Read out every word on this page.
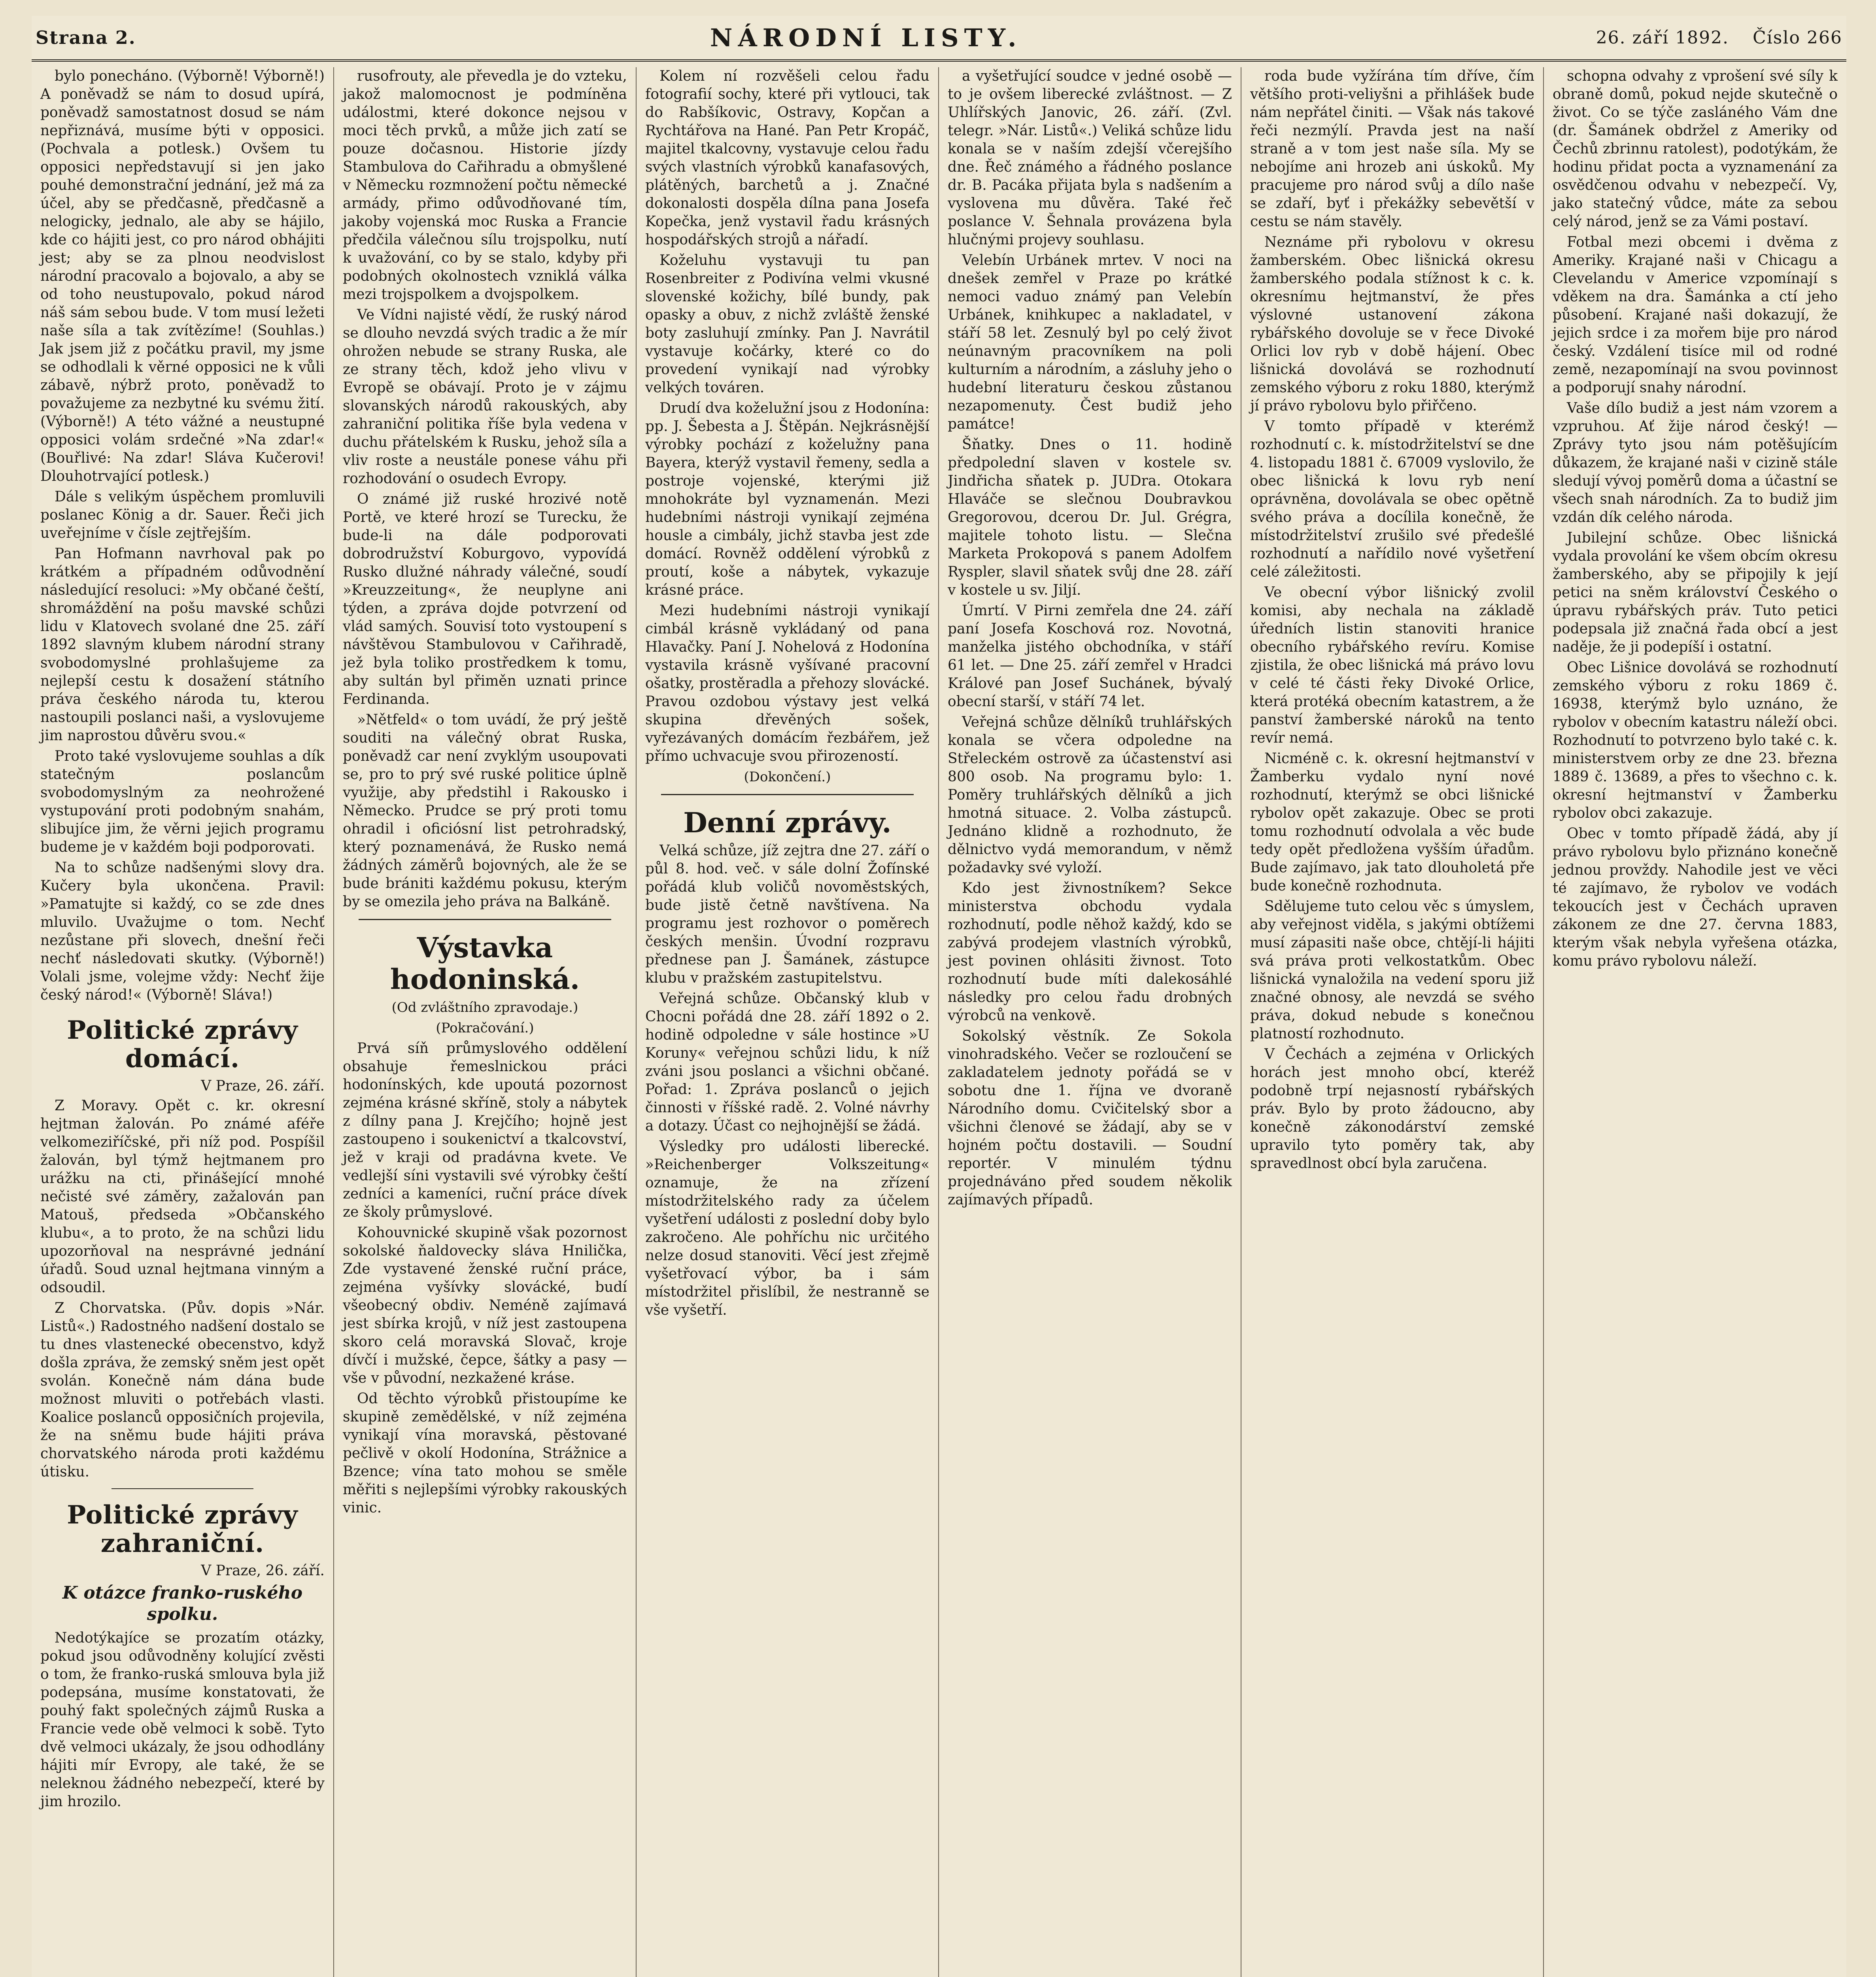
Strana 2.	NÁRODNÍ LISTY.	26. září 1892. Číslo 266

bylo ponecháno. (Výborně! Výborně!) A poněvadž se nám to dosud upírá, poněvadž samostatnost dosud se nám nepřiznává, musíme býti v opposici. (Pochvala a potlesk.) Ovšem tu opposici nepředstavují si jen jako pouhé demonstrační jednání, jež má za účel, aby se předčasně, předčasně a nelogicky, jednalo, ale aby se hájilo, kde co hájiti jest, co pro národ obhájiti jest; aby se za plnou neodvislost národní pracovalo a bojovalo, a aby se od toho neustupovalo, pokud národ náš sám sebou bude. V tom musí ležeti naše síla a tak zvítězíme! (Souhlas.) Jak jsem již z počátku pravil, my jsme se odhodlali k věrné opposici ne k vůli zábavě, nýbrž proto, poněvadž to považujeme za nezbytné ku svému žití. (Výborně!) A této vážné a neustupné opposici volám srdečné »Na zdar!« (Bouřlivé: Na zdar! Sláva Kučerovi! Dlouhotrvající potlesk.)

Dále s velikým úspěchem promluvili poslanec König a dr. Sauer. Řeči jich uveřejníme v čísle zejtřejším.

Pan Hofmann navrhoval pak po krátkém a případném odůvodnění následující resoluci: »My občané čeští, shromáždění na pošu mavské schůzi lidu v Klatovech svolané dne 25. září 1892 slavným klubem národní strany svobodomyslné prohlašujeme za nejlepší cestu k dosažení státního práva českého národa tu, kterou nastoupili poslanci naši, a vyslovujeme jim naprostou důvěru svou.«

Proto také vyslovujeme souhlas a dík statečným poslancům svobodomyslným za neohrožené vystupování proti podobným snahám, slibujíce jim, že věrni jejich programu budeme je v každém boji podporovati.

Na to schůze nadšenými slovy dra. Kučery byla ukončena. Pravil: »Pamatujte si každý, co se zde dnes mluvilo. Uvažujme o tom. Nechť nezůstane při slovech, dnešní řeči nechť následovati skutky. (Výborně!) Volali jsme, volejme vždy: Nechť žije český národ!« (Výborně! Sláva!)

Politické zprávy domácí.
V Praze, 26. září.

Z Moravy. Opět c. kr. okresní hejtman žalován. Po známé aféře velkomeziříčské, při níž pod. Pospíšil žalován, byl týmž hejtmanem pro urážku na cti, přinášející mnohé nečisté své záměry, zažalován pan Matouš, předseda »Občanského klubu«, a to proto, že na schůzi lidu upozorňoval na nesprávné jednání úřadů. Soud uznal hejtmana vinným a odsoudil.

Z Chorvatska. (Pův. dopis »Nár. Listů«.) Radostného nadšení dostalo se tu dnes vlastenecké obecenstvo, když došla zpráva, že zemský sněm jest opět svolán. Konečně nám dána bude možnost mluviti o potřebách vlasti. Koalice poslanců opposičních projevila, že na sněmu bude hájiti práva chorvatského národa proti každému útisku.

Politické zprávy zahraniční.
V Praze, 26. září.
K otázce franko-ruského spolku.

Nedotýkajíce se prozatím otázky, pokud jsou odůvodněny kolující zvěsti o tom, že franko-ruská smlouva byla již podepsána, musíme konstatovati, že pouhý fakt společných zájmů Ruska a Francie vede obě velmoci k sobě. Tyto dvě velmoci ukázaly, že jsou odhodlány hájiti mír Evropy, ale také, že se neleknou žádného nebezpečí, které by jim hrozilo.

rusofrouty, ale převedla je do vzteku, jakož malomocnost je podmíněna událostmi, které dokonce nejsou v moci těch prvků, a může jich zatí se pouze dočasnou. Historie jízdy Stambulova do Cařihradu a obmyšlené v Německu rozmnožení počtu německé armády, přimo odůvodňované tím, jakoby vojenská moc Ruska a Francie předčila válečnou sílu trojspolku, nutí k uvažování, co by se stalo, kdyby při podobných okolnostech vzniklá válka mezi trojspolkem a dvojspolkem.

Ve Vídni najisté vědí, že ruský národ se dlouho nevzdá svých tradic a že mír ohrožen nebude se strany Ruska, ale ze strany těch, kdož jeho vlivu v Evropě se obávají. Proto je v zájmu slovanských národů rakouských, aby zahraniční politika říše byla vedena v duchu přátelském k Rusku, jehož síla a vliv roste a neustále ponese váhu při rozhodování o osudech Evropy.

O známé již ruské hrozivé notě Portě, ve které hrozí se Turecku, že bude-li na dále podporovati dobrodružství Koburgovo, vypovídá Rusko dlužné náhrady válečné, soudí »Kreuzzeitung«, že neuplyne ani týden, a zpráva dojde potvrzení od vlád samých. Souvisí toto vystoupení s návštěvou Stambulovou v Cařihradě, jež byla toliko prostředkem k tomu, aby sultán byl přiměn uznati prince Ferdinanda.

»Nětfeld« o tom uvádí, že prý ještě souditi na válečný obrat Ruska, poněvadž car není zvyklým usoupovati se, pro to prý své ruské politice úplně využije, aby předstihl i Rakousko i Německo. Prudce se prý proti tomu ohradil i oficiósní list petrohradský, který poznamenává, že Rusko nemá žádných záměrů bojovných, ale že se bude brániti každému pokusu, kterým by se omezila jeho práva na Balkáně.

Výstavka hodoninská.
(Od zvláštního zpravodaje.)
(Pokračování.)

Prvá síň průmyslového oddělení obsahuje řemeslnickou práci hodonínských, kde upoutá pozornost zejména krásné skříně, stoly a nábytek z dílny pana J. Krejčího; hojně jest zastoupeno i soukenictví a tkalcovství, jež v kraji od pradávna kvete. Ve vedlejší síni vystavili své výrobky čeští zedníci a kameníci, ruční práce dívek ze školy průmyslové.

Kohouvnické skupině však pozornost sokolské ňaldovecky sláva Hnilička, Zde vystavené ženské ruční práce, zejména vyšívky slovácké, budí všeobecný obdiv. Neméně zajímavá jest sbírka krojů, v níž jest zastoupena skoro celá moravská Slovač, kroje dívčí i mužské, čepce, šátky a pasy — vše v původní, nezkažené kráse.

Od těchto výrobků přistoupíme ke skupině zemědělské, v níž zejména vynikají vína moravská, pěstované pečlivě v okolí Hodonína, Strážnice a Bzence; vína tato mohou se směle měřiti s nejlepšími výrobky rakouských vinic.

Kolem ní rozvěšeli celou řadu fotografií sochy, které při vytlouci, tak do Rabšíkovic, Ostravy, Kopčan a Rychtářova na Hané. Pan Petr Kropáč, majitel tkalcovny, vystavuje celou řadu svých vlastních výrobků kanafasových, plátěných, barchetů a j. Značné dokonalosti dospěla dílna pana Josefa Kopečka, jenž vystavil řadu krásných hospodářských strojů a nářadí.

Koželuhu vystavuji tu pan Rosenbreiter z Podivína velmi vkusné slovenské kožichy, bílé bundy, pak opasky a obuv, z nichž zvláště ženské boty zasluhují zmínky. Pan J. Navrátil vystavuje kočárky, které co do provedení vynikají nad výrobky velkých továren.

Drudí dva koželužní jsou z Hodonína: pp. J. Šebesta a J. Štěpán. Nejkrásnější výrobky pochází z koželužny pana Bayera, kterýž vystavil řemeny, sedla a postroje vojenské, kterými již mnohokráte byl vyznamenán. Mezi hudebními nástroji vynikají zejména housle a cimbály, jichž stavba jest zde domácí. Rovněž oddělení výrobků z proutí, koše a nábytek, vykazuje krásné práce.

Mezi hudebními nástroji vynikají cimbál krásně vykládaný od pana Hlavačky. Paní J. Nohelová z Hodonína vystavila krásně vyšívané pracovní ošatky, prostěradla a přehozy slovácké. Pravou ozdobou výstavy jest velká skupina dřevěných sošek, vyřezávaných domácím řezbářem, jež přímo uchvacuje svou přirozeností.

(Dokončení.)
Denní zprávy.

Velká schůze, jíž zejtra dne 27. září o půl 8. hod. več. v sále dolní Žofínské pořádá klub voličů novoměstských, bude jistě četně navštívena. Na programu jest rozhovor o poměrech českých menšin. Úvodní rozpravu přednese pan J. Šamánek, zástupce klubu v pražském zastupitelstvu.

Veřejná schůze. Občanský klub v Chocni pořádá dne 28. září 1892 o 2. hodině odpoledne v sále hostince »U Koruny« veřejnou schůzi lidu, k níž zváni jsou poslanci a všichni občané. Pořad: 1. Zpráva poslanců o jejich činnosti v říšské radě. 2. Volné návrhy a dotazy. Účast co nejhojnější se žádá.

Výsledky pro události liberecké. »Reichenberger Volkszeitung« oznamuje, že na zřízení místodržitelského rady za účelem vyšetření události z poslední doby bylo zakročeno. Ale pohříchu nic určitého nelze dosud stanoviti. Věcí jest zřejmě vyšetřovací výbor, ba i sám místodržitel přislíbil, že nestranně se vše vyšetří.

a vyšetřující soudce v jedné osobě — to je ovšem liberecké zvláštnost. — Z Uhlířských Janovic, 26. září. (Zvl. telegr. »Nár. Listů«.) Veliká schůze lidu konala se v naším zdejší včerejšího dne. Řeč známého a řádného poslance dr. B. Pacáka přijata byla s nadšením a vyslovena mu důvěra. Také řeč poslance V. Šehnala provázena byla hlučnými projevy souhlasu.

Velebín Urbánek mrtev. V noci na dnešek zemřel v Praze po krátké nemoci vaduo známý pan Velebín Urbánek, knihkupec a nakladatel, v stáří 58 let. Zesnulý byl po celý život neúnavným pracovníkem na poli kulturním a národním, a zásluhy jeho o hudební literaturu českou zůstanou nezapomenuty. Čest budiž jeho památce!

Šňatky. Dnes o 11. hodině předpolední slaven v kostele sv. Jindřicha sňatek p. JUDra. Otokara Hlaváče se slečnou Doubravkou Gregorovou, dcerou Dr. Jul. Grégra, majitele tohoto listu. — Slečna Marketa Prokopová s panem Adolfem Ryspler, slavil sňatek svůj dne 28. září v kostele u sv. Jiljí.

Úmrtí. V Pirni zemřela dne 24. září paní Josefa Koschová roz. Novotná, manželka jistého obchodníka, v stáří 61 let. — Dne 25. září zemřel v Hradci Králové pan Josef Suchánek, bývalý obecní starší, v stáří 74 let.

Veřejná schůze dělníků truhlářských konala se včera odpoledne na Střeleckém ostrově za účastenství asi 800 osob. Na programu bylo: 1. Poměry truhlářských dělníků a jich hmotná situace. 2. Volba zástupců. Jednáno klidně a rozhodnuto, že dělnictvo vydá memorandum, v němž požadavky své vyloží.

Kdo jest živnostníkem? Sekce ministerstva obchodu vydala rozhodnutí, podle něhož každý, kdo se zabývá prodejem vlastních výrobků, jest povinen ohlásiti živnost. Toto rozhodnutí bude míti dalekosáhlé následky pro celou řadu drobných výrobců na venkově.

Sokolský věstník. Ze Sokola vinohradského. Večer se rozloučení se zakladatelem jednoty pořádá se v sobotu dne 1. října ve dvoraně Národního domu. Cvičitelský sbor a všichni členové se žádají, aby se v hojném počtu dostavili. — Soudní reportér. V minulém týdnu projednáváno před soudem několik zajímavých případů.

roda bude vyžírána tím dříve, čím většího proti-veliyšni a přihlášek bude nám nepřátel činiti. — Však nás takové řeči nezmýlí. Pravda jest na naší straně a v tom jest naše síla. My se nebojíme ani hrozeb ani úskoků. My pracujeme pro národ svůj a dílo naše se zdaří, byť i překážky sebevětší v cestu se nám stavěly.

Neznáme při rybolovu v okresu žamberském. Obec lišnická okresu žamberského podala stížnost k c. k. okresnímu hejtmanství, že přes výslovné ustanovení zákona rybářského dovoluje se v řece Divoké Orlici lov ryb v době hájení. Obec lišnická dovolává se rozhodnutí zemského výboru z roku 1880, kterýmž jí právo rybolovu bylo přiřčeno.

V tomto případě v kterémž rozhodnutí c. k. místodržitelství se dne 4. listopadu 1881 č. 67009 vyslovilo, že obec lišnická k lovu ryb není oprávněna, dovolávala se obec opětně svého práva a docílila konečně, že místodržitelství zrušilo své předešlé rozhodnutí a nařídilo nové vyšetření celé záležitosti.

Ve obecní výbor lišnický zvolil komisi, aby nechala na základě úředních listin stanoviti hranice obecního rybářského revíru. Komise zjistila, že obec lišnická má právo lovu v celé té části řeky Divoké Orlice, která protéká obecním katastrem, a že panství žamberské nároků na tento revír nemá.

Nicméně c. k. okresní hejtmanství v Žamberku vydalo nyní nové rozhodnutí, kterýmž se obci lišnické rybolov opět zakazuje. Obec se proti tomu rozhodnutí odvolala a věc bude tedy opět předložena vyšším úřadům. Bude zajímavo, jak tato dlouholetá pře bude konečně rozhodnuta.

Sdělujeme tuto celou věc s úmyslem, aby veřejnost viděla, s jakými obtížemi musí zápasiti naše obce, chtějí-li hájiti svá práva proti velkostatkům. Obec lišnická vynaložila na vedení sporu již značné obnosy, ale nevzdá se svého práva, dokud nebude s konečnou platností rozhodnuto.

V Čechách a zejména v Orlických horách jest mnoho obcí, kteréž podobně trpí nejasností rybářských práv. Bylo by proto žádoucno, aby konečně zákonodárství zemské upravilo tyto poměry tak, aby spravedlnost obcí byla zaručena.

schopna odvahy z vprošení své síly k obraně domů, pokud nejde skutečně o život. Co se týče zasláného Vám dne (dr. Šamánek obdržel z Ameriky od Čechů zbrinnu ratolest), podotýkám, že hodinu přidat pocta a vyznamenání za osvědčenou odvahu v nebezpečí. Vy, jako statečný vůdce, máte za sebou celý národ, jenž se za Vámi postaví.

Fotbal mezi obcemi i dvěma z Ameriky. Krajané naši v Chicagu a Clevelandu v Americe vzpomínají s vděkem na dra. Šamánka a ctí jeho působení. Krajané naši dokazují, že jejich srdce i za mořem bije pro národ český. Vzdálení tisíce mil od rodné země, nezapomínají na svou povinnost a podporují snahy národní.

Vaše dílo budiž a jest nám vzorem a vzpruhou. Ať žije národ český! — Zprávy tyto jsou nám potěšujícím důkazem, že krajané naši v cizině stále sledují vývoj poměrů doma a účastní se všech snah národních. Za to budiž jim vzdán dík celého národa.

Jubilejní schůze. Obec lišnická vydala provolání ke všem obcím okresu žamberského, aby se připojily k její petici na sněm království Českého o úpravu rybářských práv. Tuto petici podepsala již značná řada obcí a jest naděje, že ji podepíší i ostatní.

Obec Lišnice dovolává se rozhodnutí zemského výboru z roku 1869 č. 16938, kterýmž bylo uznáno, že rybolov v obecním katastru náleží obci. Rozhodnutí to potvrzeno bylo také c. k. ministerstvem orby ze dne 23. března 1889 č. 13689, a přes to všechno c. k. okresní hejtmanství v Žamberku rybolov obci zakazuje.

Obec v tomto případě žádá, aby jí právo rybolovu bylo přiznáno konečně jednou provždy. Nahodile jest ve věci té zajímavo, že rybolov ve vodách tekoucích jest v Čechách upraven zákonem ze dne 27. června 1883, kterým však nebyla vyřešena otázka, komu právo rybolovu náleží.
